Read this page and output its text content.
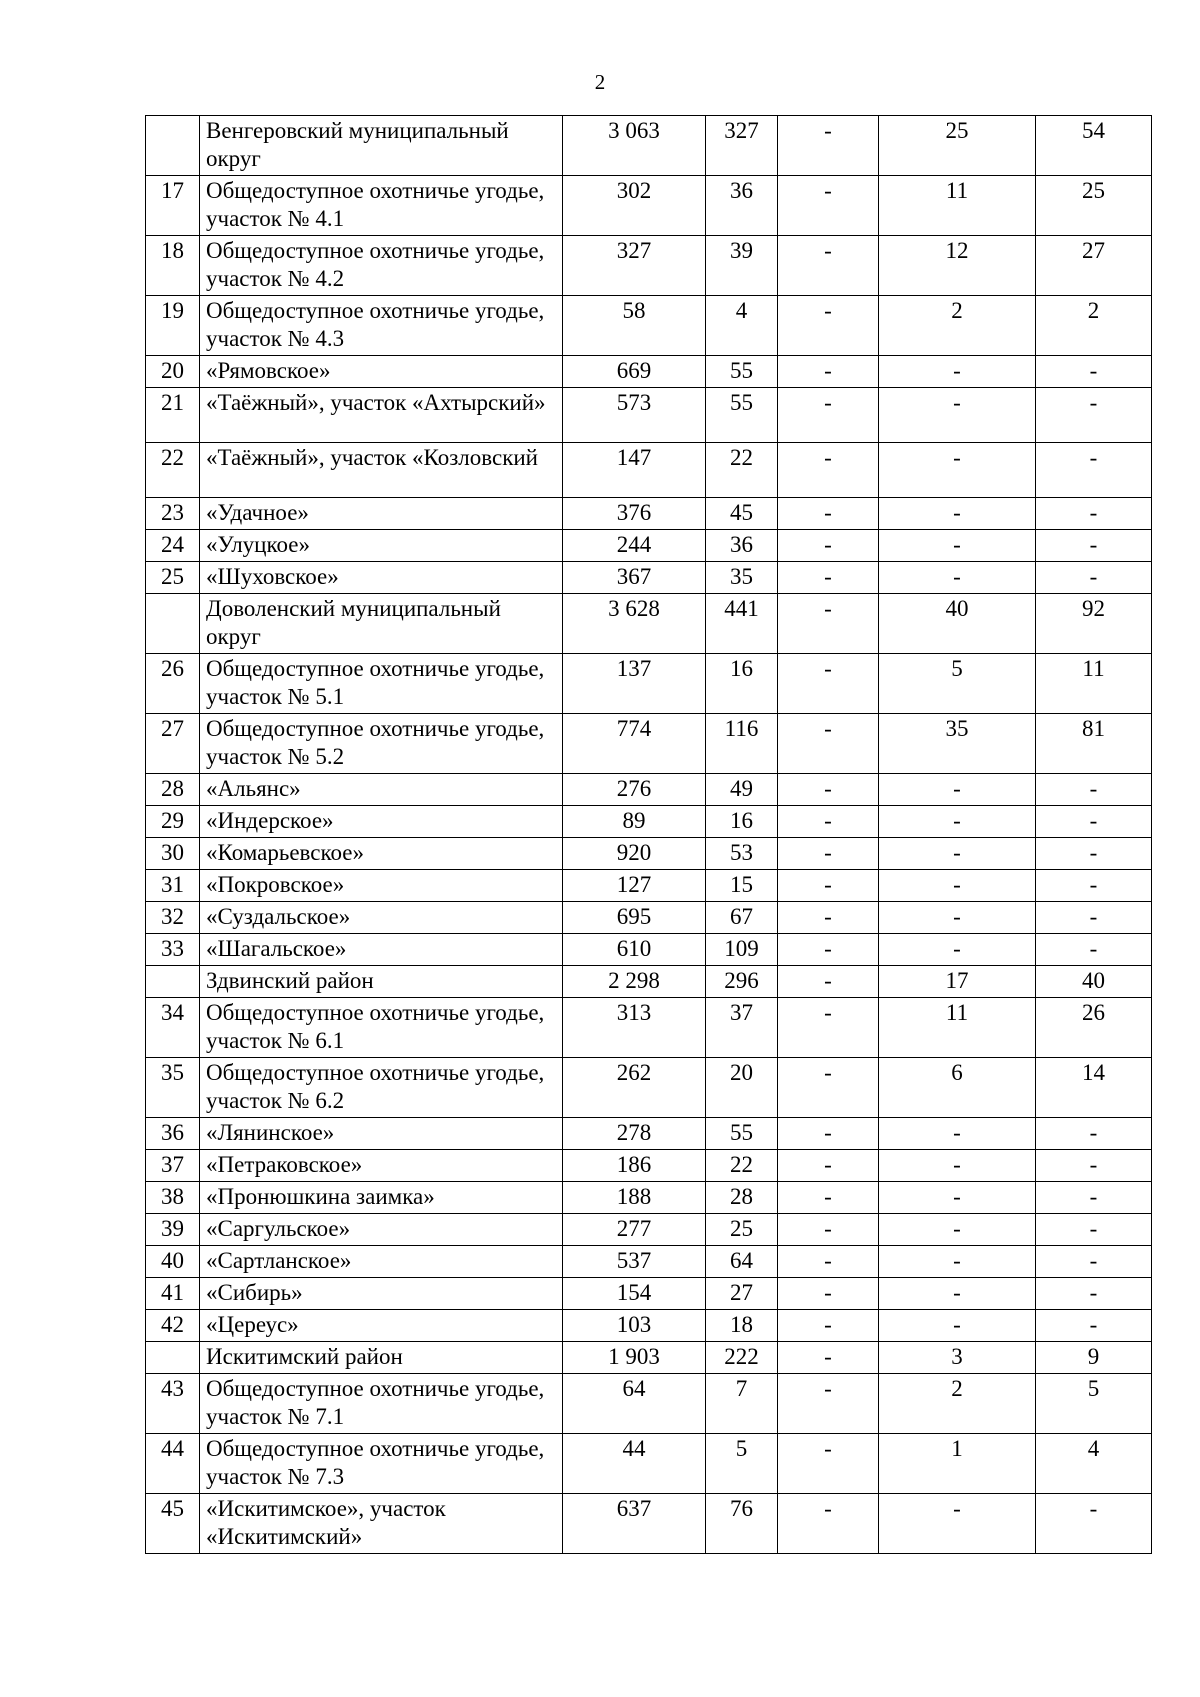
2
	Венгеровский муниципальный округ	3 063	327	-	25	54
17	Общедоступное охотничье угодье, участок № 4.1	302	36	-	11	25
18	Общедоступное охотничье угодье, участок № 4.2	327	39	-	12	27
19	Общедоступное охотничье угодье, участок № 4.3	58	4	-	2	2
20	«Рямовское»	669	55	-	-	-
21	«Таёжный», участок «Ахтырский»	573	55	-	-	-
22	«Таёжный», участок «Козловский	147	22	-	-	-
23	«Удачное»	376	45	-	-	-
24	«Улуцкое»	244	36	-	-	-
25	«Шуховское»	367	35	-	-	-
	Доволенский муниципальный округ	3 628	441	-	40	92
26	Общедоступное охотничье угодье, участок № 5.1	137	16	-	5	11
27	Общедоступное охотничье угодье, участок № 5.2	774	116	-	35	81
28	«Альянс»	276	49	-	-	-
29	«Индерское»	89	16	-	-	-
30	«Комарьевское»	920	53	-	-	-
31	«Покровское»	127	15	-	-	-
32	«Суздальское»	695	67	-	-	-
33	«Шагальское»	610	109	-	-	-
	Здвинский район	2 298	296	-	17	40
34	Общедоступное охотничье угодье, участок № 6.1	313	37	-	11	26
35	Общедоступное охотничье угодье, участок № 6.2	262	20	-	6	14
36	«Лянинское»	278	55	-	-	-
37	«Петраковское»	186	22	-	-	-
38	«Пронюшкина заимка»	188	28	-	-	-
39	«Саргульское»	277	25	-	-	-
40	«Сартланское»	537	64	-	-	-
41	«Сибирь»	154	27	-	-	-
42	«Цереус»	103	18	-	-	-
	Искитимский район	1 903	222	-	3	9
43	Общедоступное охотничье угодье, участок № 7.1	64	7	-	2	5
44	Общедоступное охотничье угодье, участок № 7.3	44	5	-	1	4
45	«Искитимское», участок «Искитимский»	637	76	-	-	-
